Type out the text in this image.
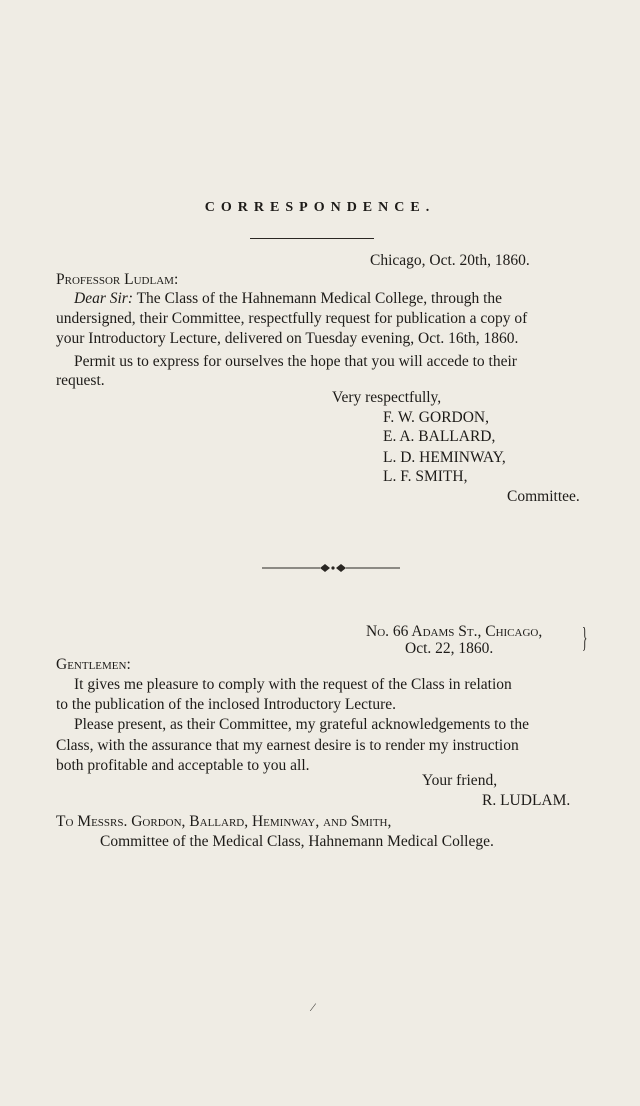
CORRESPONDENCE.
Chicago, Oct. 20th, 1860.
Professor Ludlam:
Dear Sir: The Class of the Hahnemann Medical College, through the
undersigned, their Committee, respectfully request for publication a copy of
your Introductory Lecture, delivered on Tuesday evening, Oct. 16th, 1860.
Permit us to express for ourselves the hope that you will accede to their
request.
Very respectfully,
F. W. GORDON,
E. A. BALLARD,
L. D. HEMINWAY,
L. F. SMITH,
Committee.
No. 66 Adams St., Chicago,
Oct. 22, 1860.	}
Gentlemen:
It gives me pleasure to comply with the request of the Class in relation
to the publication of the inclosed Introductory Lecture.
Please present, as their Committee, my grateful acknowledgements to the
Class, with the assurance that my earnest desire is to render my instruction
both profitable and acceptable to you all.
Your friend,
R. LUDLAM.
To Messrs. Gordon, Ballard, Heminway, and Smith,
Committee of the Medical Class, Hahnemann Medical College.
⁄
